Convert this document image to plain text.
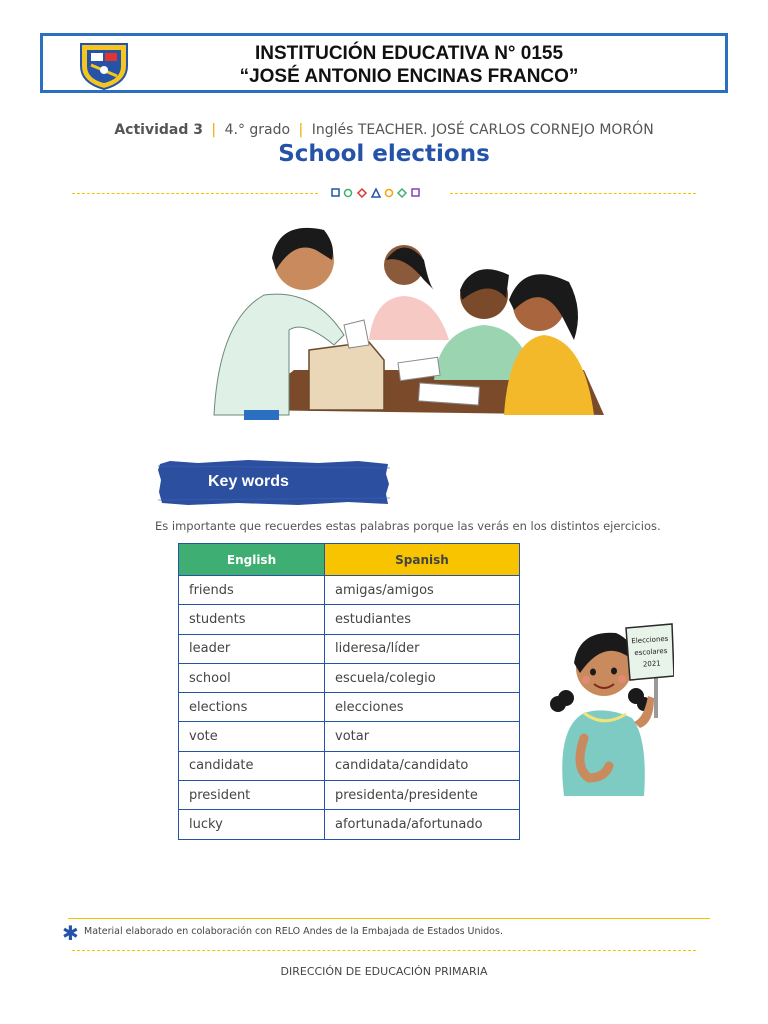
INSTITUCIÓN EDUCATIVA N° 0155
“JOSÉ ANTONIO ENCINAS FRANCO”
Actividad 3 | 4.° grado | Inglés TEACHER. JOSÉ CARLOS CORNEJO MORÓN
School elections
Key words
Es importante que recuerdes estas palabras porque las verás en los distintos ejercicios.
English	Spanish
friends	amigas/amigos
students	estudiantes
leader	lideresa/líder
school	escuela/colegio
elections	elecciones
vote	votar
candidate	candidata/candidato
president	presidenta/presidente
lucky	afortunada/afortunado
Elecciones
escolares
2021
✱ Material elaborado en colaboración con RELO Andes de la Embajada de Estados Unidos.
DIRECCIÓN DE EDUCACIÓN PRIMARIA
